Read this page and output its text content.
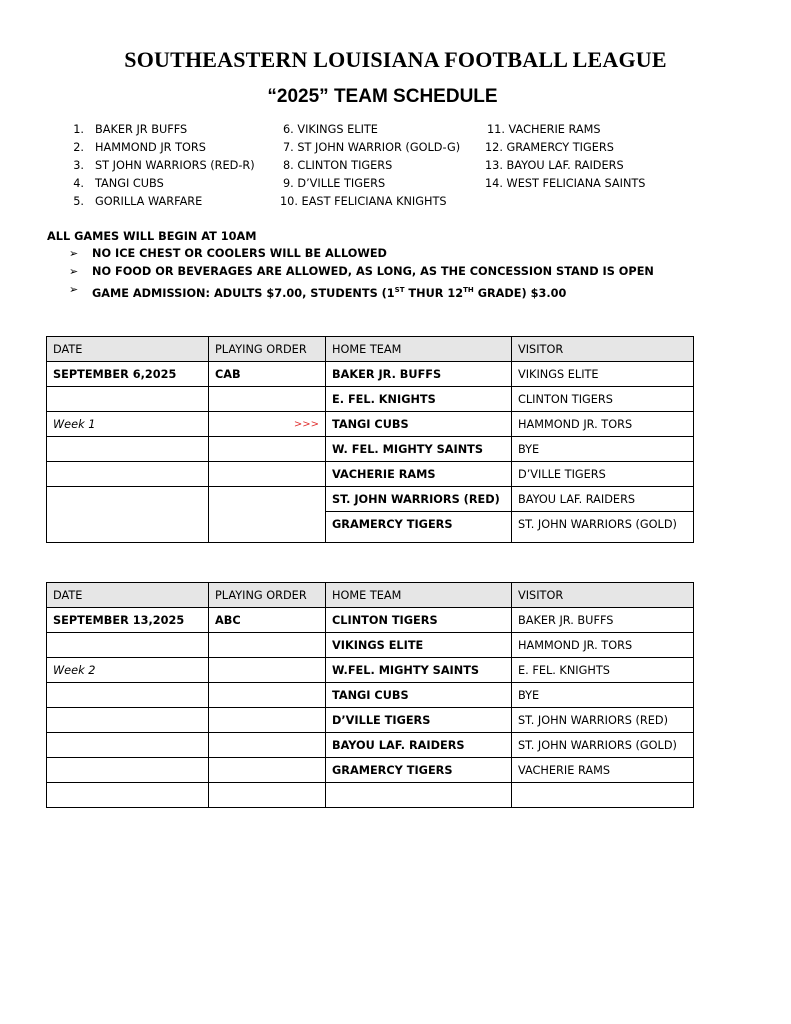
SOUTHEASTERN LOUISIANA FOOTBALL LEAGUE
“2025” TEAM SCHEDULE
1. BAKER JR BUFFS
2. HAMMOND JR TORS
3. ST JOHN WARRIORS (RED-R)
4. TANGI CUBS
5. GORILLA WARFARE
6. VIKINGS ELITE
7. ST JOHN WARRIOR (GOLD-G)
8. CLINTON TIGERS
9. D’VILLE TIGERS
10. EAST FELICIANA KNIGHTS
11. VACHERIE RAMS
12. GRAMERCY TIGERS
13. BAYOU LAF. RAIDERS
14. WEST FELICIANA SAINTS
ALL GAMES WILL BEGIN AT 10AM
➢ NO ICE CHEST OR COOLERS WILL BE ALLOWED
➢ NO FOOD OR BEVERAGES ARE ALLOWED, AS LONG, AS THE CONCESSION STAND IS OPEN
➢ GAME ADMISSION: ADULTS $7.00, STUDENTS (1ST THUR 12TH GRADE) $3.00
DATE	PLAYING ORDER	HOME TEAM	VISITOR
SEPTEMBER 6,2025	CAB	BAKER JR. BUFFS	VIKINGS ELITE
		E. FEL. KNIGHTS	CLINTON TIGERS
Week 1	>>>	TANGI CUBS	HAMMOND JR. TORS
		W. FEL. MIGHTY SAINTS	BYE
		VACHERIE RAMS	D’VILLE TIGERS
		ST. JOHN WARRIORS (RED)	BAYOU LAF. RAIDERS
		GRAMERCY TIGERS	ST. JOHN WARRIORS (GOLD)
DATE	PLAYING ORDER	HOME TEAM	VISITOR
SEPTEMBER 13,2025	ABC	CLINTON TIGERS	BAKER JR. BUFFS
		VIKINGS ELITE	HAMMOND JR. TORS
Week 2		W.FEL. MIGHTY SAINTS	E. FEL. KNIGHTS
		TANGI CUBS	BYE
		D’VILLE TIGERS	ST. JOHN WARRIORS (RED)
		BAYOU LAF. RAIDERS	ST. JOHN WARRIORS (GOLD)
		GRAMERCY TIGERS	VACHERIE RAMS
